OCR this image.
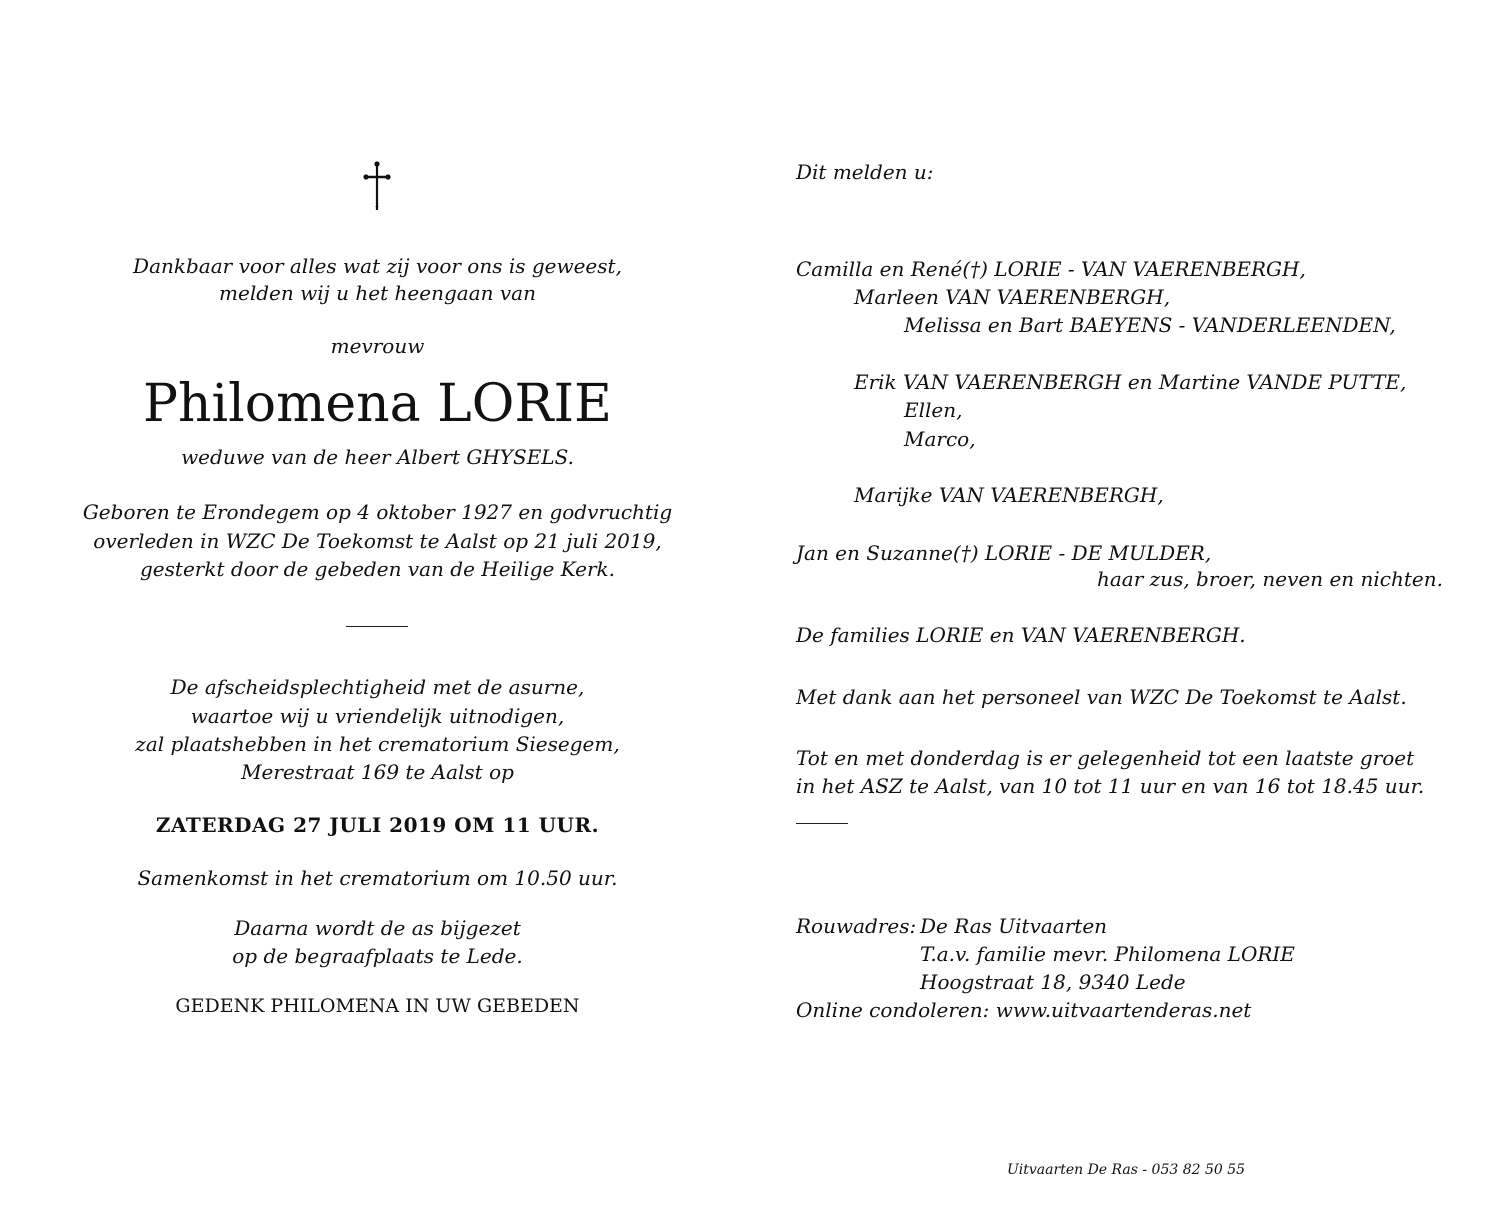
Dankbaar voor alles wat zij voor ons is geweest,
melden wij u het heengaan van
mevrouw
Philomena LORIE
weduwe van de heer Albert GHYSELS.
Geboren te Erondegem op 4 oktober 1927 en godvruchtig
overleden in WZC De Toekomst te Aalst op 21 juli 2019,
gesterkt door de gebeden van de Heilige Kerk.
De afscheidsplechtigheid met de asurne,
waartoe wij u vriendelijk uitnodigen,
zal plaatshebben in het crematorium Siesegem,
Merestraat 169 te Aalst op
ZATERDAG 27 JULI 2019 OM 11 UUR.
Samenkomst in het crematorium om 10.50 uur.
Daarna wordt de as bijgezet
op de begraafplaats te Lede.
GEDENK PHILOMENA IN UW GEBEDEN
Dit melden u:
Camilla en René(†) LORIE - VAN VAERENBERGH,
Marleen VAN VAERENBERGH,
Melissa en Bart BAEYENS - VANDERLEENDEN,
Erik VAN VAERENBERGH en Martine VANDE PUTTE,
Ellen,
Marco,
Marijke VAN VAERENBERGH,
Jan en Suzanne(†) LORIE - DE MULDER,
haar zus, broer, neven en nichten.
De families LORIE en VAN VAERENBERGH.
Met dank aan het personeel van WZC De Toekomst te Aalst.
Tot en met donderdag is er gelegenheid tot een laatste groet
in het ASZ te Aalst, van 10 tot 11 uur en van 16 tot 18.45 uur.
Rouwadres: De Ras Uitvaarten
T.a.v. familie mevr. Philomena LORIE
Hoogstraat 18, 9340 Lede
Online condoleren: www.uitvaartenderas.net
Uitvaarten De Ras - 053 82 50 55
